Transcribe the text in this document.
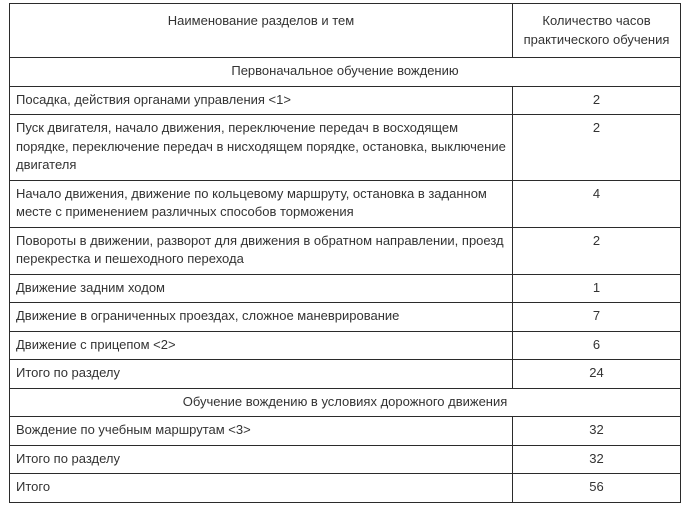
Наименование разделов и тем	Количество часов практического обучения
Первоначальное обучение вождению	
Посадка, действия органами управления <1>	2
Пуск двигателя, начало движения, переключение передач в восходящем порядке, переключение передач в нисходящем порядке, остановка, выключение двигателя	2
Начало движения, движение по кольцевому маршруту, остановка в заданном месте с применением различных способов торможения	4
Повороты в движении, разворот для движения в обратном направлении, проезд перекрестка и пешеходного перехода	2
Движение задним ходом	1
Движение в ограниченных проездах, сложное маневрирование	7
Движение с прицепом <2>	6
Итого по разделу	24
Обучение вождению в условиях дорожного движения	
Вождение по учебным маршрутам <3>	32
Итого по разделу	32
Итого	56
